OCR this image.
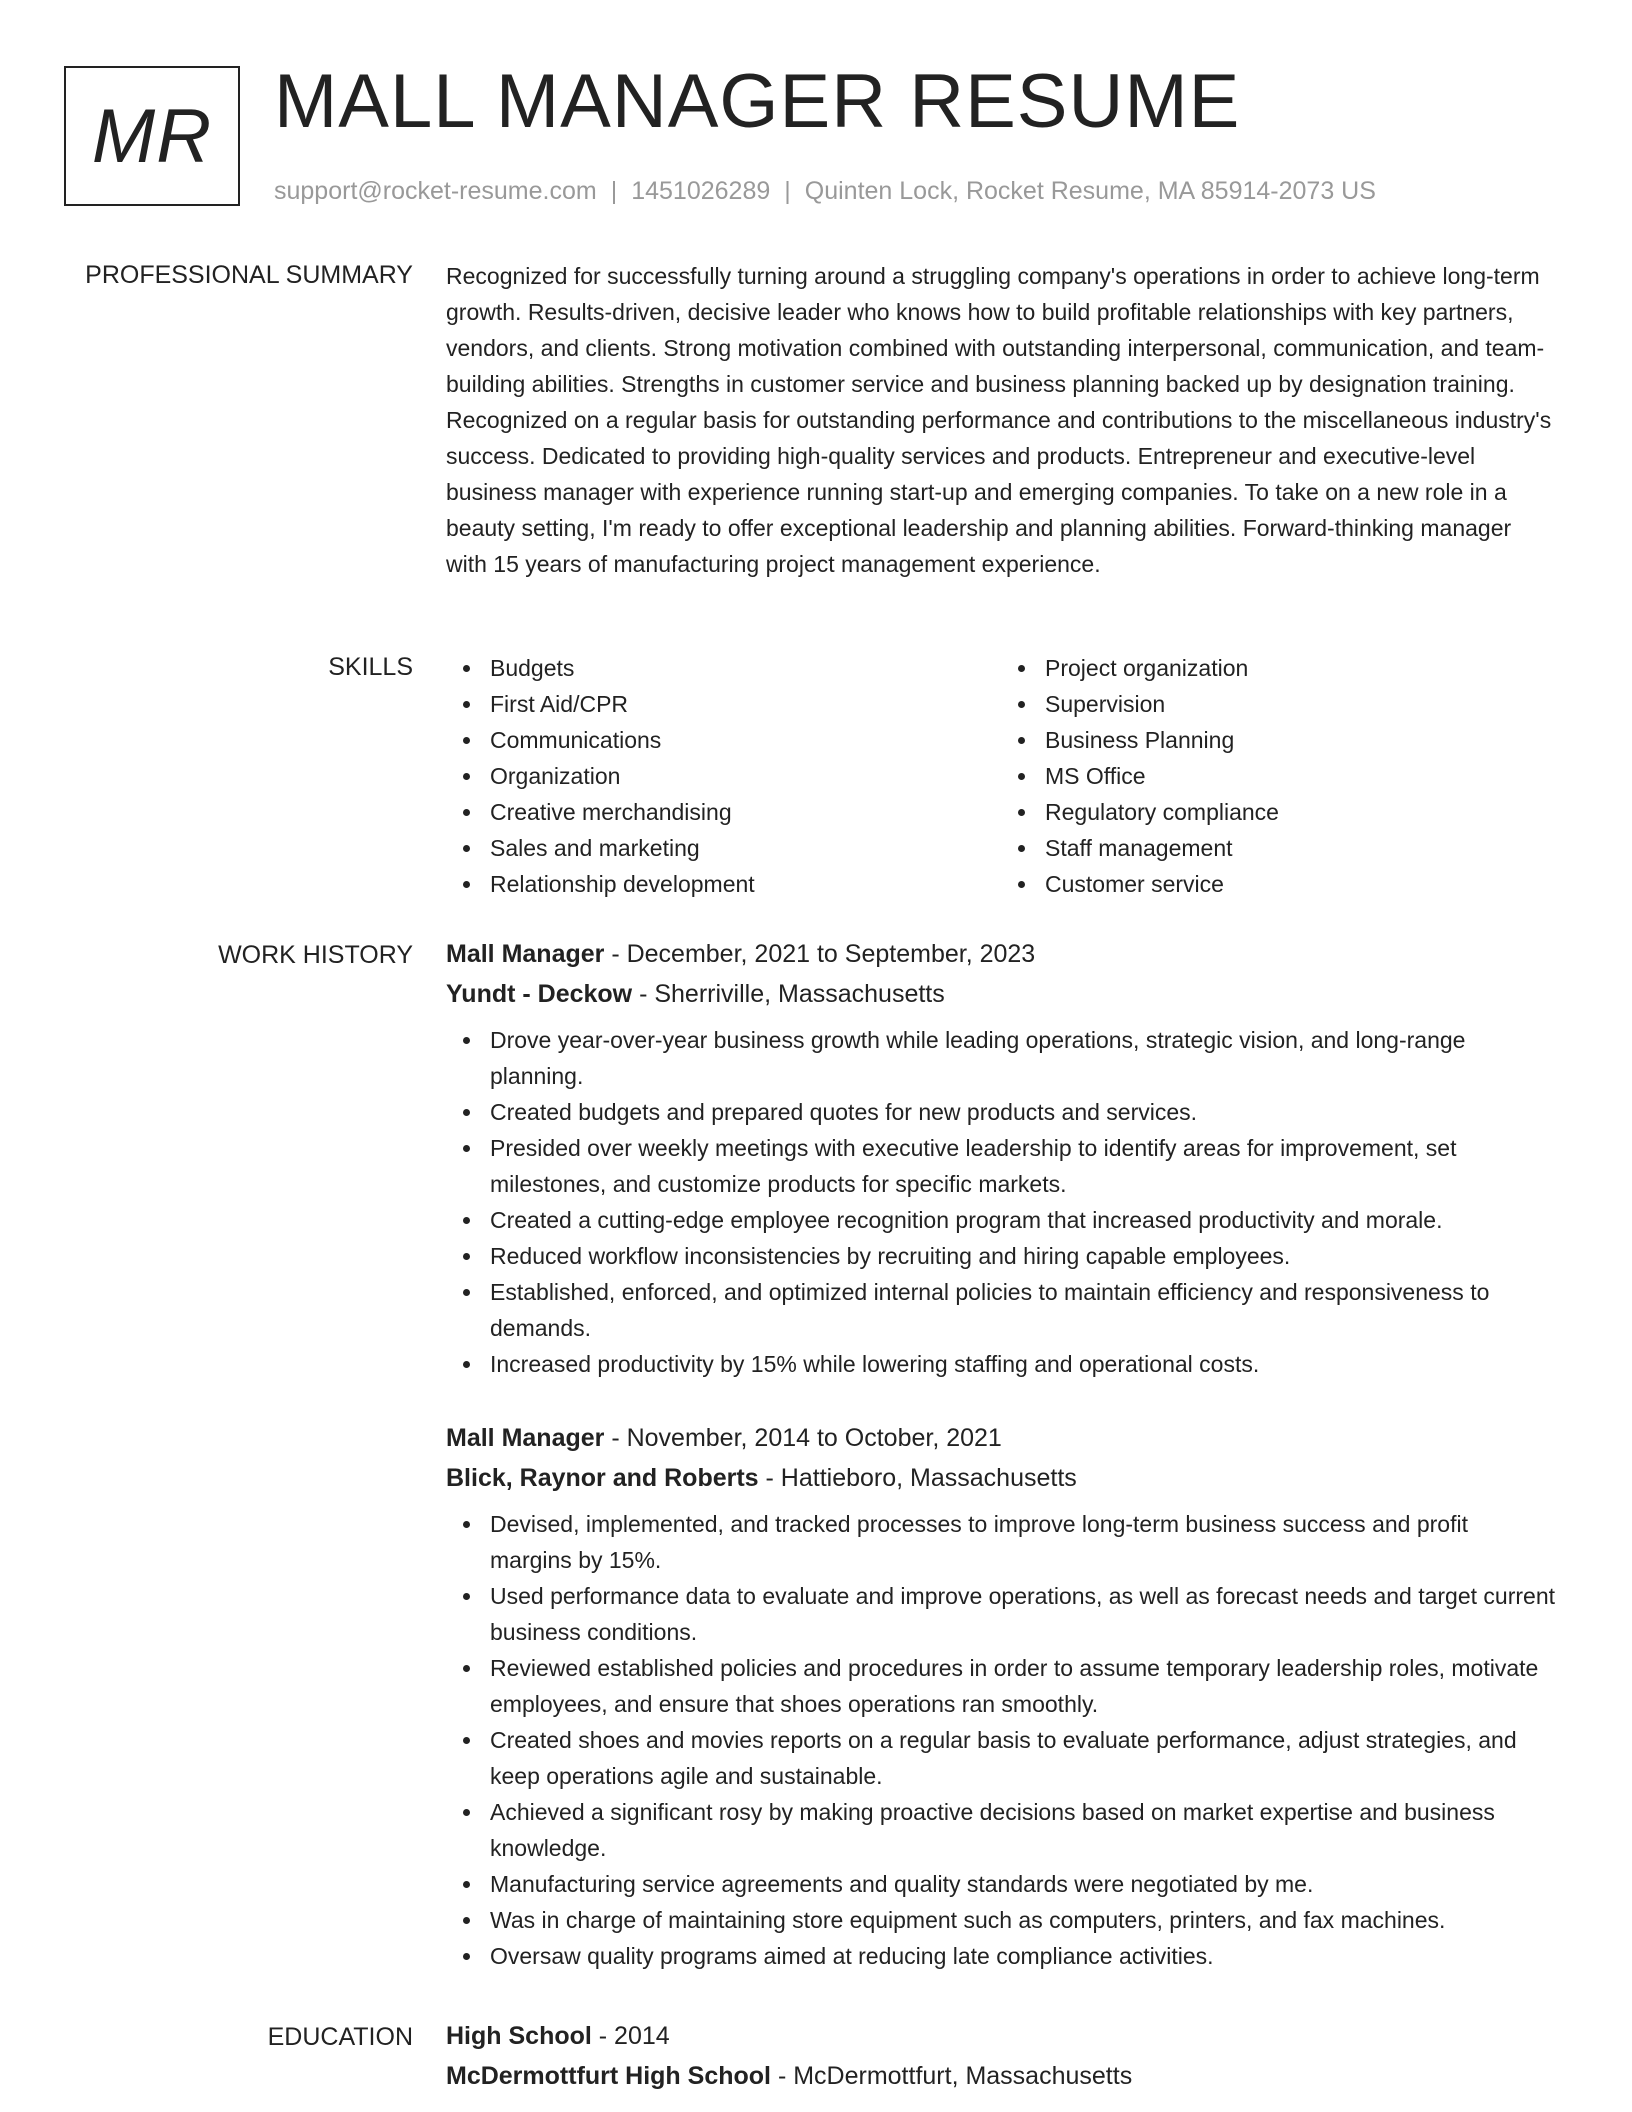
MR MALL MANAGER RESUME
support@rocket-resume.com | 1451026289 | Quinten Lock, Rocket Resume, MA 85914-2073 US
PROFESSIONAL SUMMARY Recognized for successfully turning around a struggling company's operations in order to achieve long-term growth. Results-driven, decisive leader who knows how to build profitable relationships with key partners, vendors, and clients. Strong motivation combined with outstanding interpersonal, communication, and team-building abilities. Strengths in customer service and business planning backed up by designation training. Recognized on a regular basis for outstanding performance and contributions to the miscellaneous industry's success. Dedicated to providing high-quality services and products. Entrepreneur and executive-level business manager with experience running start-up and emerging companies. To take on a new role in a beauty setting, I'm ready to offer exceptional leadership and planning abilities. Forward-thinking manager with 15 years of manufacturing project management experience.

SKILLS	Budgets
First Aid/CPR
Communications
Organization
Creative merchandising
Sales and marketing
Relationship development
Project organization
Supervision
Business Planning
MS Office
Regulatory compliance
Staff management
Customer service
WORK HISTORY Mall Manager - December, 2021 to September, 2023
Yundt - Deckow - Sherriville, Massachusetts
Drove year-over-year business growth while leading operations, strategic vision, and long-range planning.
Created budgets and prepared quotes for new products and services.
Presided over weekly meetings with executive leadership to identify areas for improvement, set milestones, and customize products for specific markets.
Created a cutting-edge employee recognition program that increased productivity and morale.
Reduced workflow inconsistencies by recruiting and hiring capable employees.
Established, enforced, and optimized internal policies to maintain efficiency and responsiveness to demands.
Increased productivity by 15% while lowering staffing and operational costs.
Mall Manager - November, 2014 to October, 2021
Blick, Raynor and Roberts - Hattieboro, Massachusetts
Devised, implemented, and tracked processes to improve long-term business success and profit margins by 15%.
Used performance data to evaluate and improve operations, as well as forecast needs and target current business conditions.
Reviewed established policies and procedures in order to assume temporary leadership roles, motivate employees, and ensure that shoes operations ran smoothly.
Created shoes and movies reports on a regular basis to evaluate performance, adjust strategies, and keep operations agile and sustainable.
Achieved a significant rosy by making proactive decisions based on market expertise and business knowledge.
Manufacturing service agreements and quality standards were negotiated by me.
Was in charge of maintaining store equipment such as computers, printers, and fax machines.
Oversaw quality programs aimed at reducing late compliance activities.
EDUCATION High School - 2014
McDermottfurt High School - McDermottfurt, Massachusetts
